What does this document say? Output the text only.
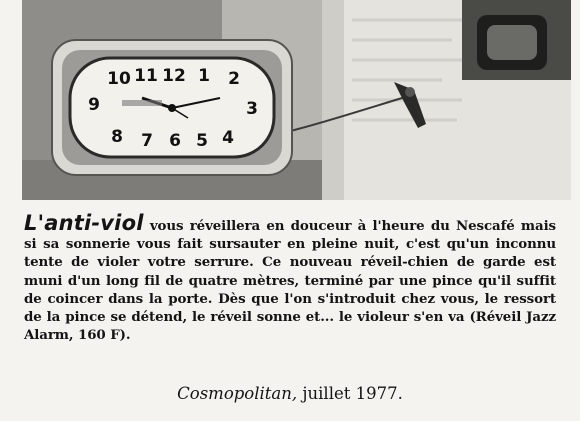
10 11 12 1 2
3
4
5
6
7
8
9
L'anti-viol vous réveillera en douceur à l'heure du Nescafé mais si sa sonnerie vous fait sursauter en pleine nuit, c'est qu'un inconnu tente de violer votre serrure. Ce nouveau réveil-chien de garde est muni d'un long fil de quatre mètres, terminé par une pince qu'il suffit de coincer dans la porte. Dès que l'on s'introduit chez vous, le ressort de la pince se détend, le réveil sonne et... le violeur s'en va (Réveil Jazz Alarm, 160 F).
Cosmopolitan, juillet 1977.
